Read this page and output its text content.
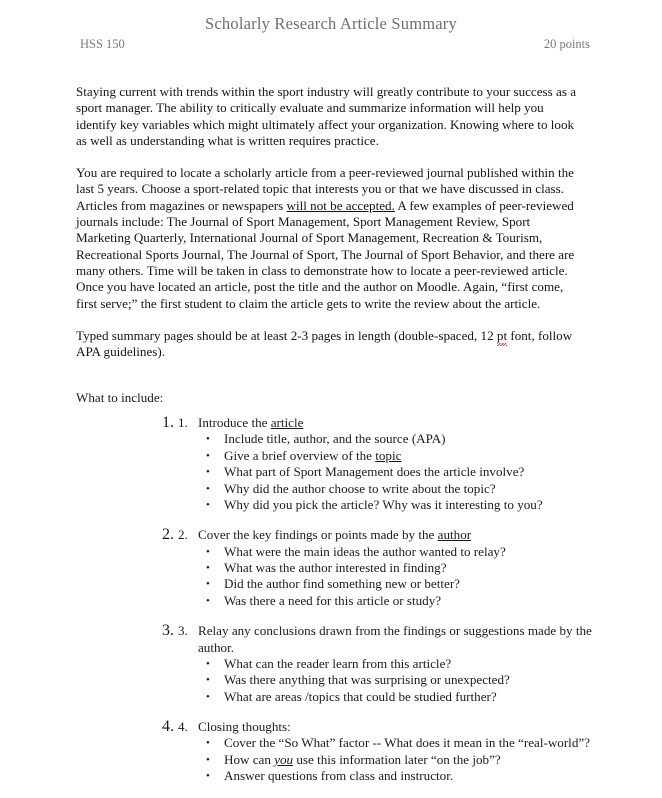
Scholarly Research Article Summary
HSS 150	20 points

Staying current with trends within the sport industry will greatly contribute to your success as a sport manager. The ability to critically evaluate and summarize information will help you identify key variables which might ultimately affect your organization. Knowing where to look as well as understanding what is written requires practice.

You are required to locate a scholarly article from a peer-reviewed journal published within the last 5 years. Choose a sport-related topic that interests you or that we have discussed in class. Articles from magazines or newspapers will not be accepted. A few examples of peer-reviewed journals include: The Journal of Sport Management, Sport Management Review, Sport Marketing Quarterly, International Journal of Sport Management, Recreation & Tourism, Recreational Sports Journal, The Journal of Sport, The Journal of Sport Behavior, and there are many others. Time will be taken in class to demonstrate how to locate a peer-reviewed article. Once you have located an article, post the title and the author on Moodle. Again, “first come, first serve;” the first student to claim the article gets to write the review about the article.

Typed summary pages should be at least 2-3 pages in length (double-spaced, 12 pt font, follow APA guidelines).

What to include:

1. 1. Introduce the article
•	Include title, author, and the source (APA)
•	Give a brief overview of the topic
•	What part of Sport Management does the article involve?
•	Why did the author choose to write about the topic?
•	Why did you pick the article? Why was it interesting to you?
2. 2. Cover the key findings or points made by the author
•	What were the main ideas the author wanted to relay?
•	What was the author interested in finding?
•	Did the author find something new or better?
•	Was there a need for this article or study?
3. 3. Relay any conclusions drawn from the findings or suggestions made by the author.
•	What can the reader learn from this article?
•	Was there anything that was surprising or unexpected?
•	What are areas /topics that could be studied further?
4. 4. Closing thoughts:
•	Cover the “So What” factor -- What does it mean in the “real-world”?
•	How can you use this information later “on the job”?
•	Answer questions from class and instructor.
